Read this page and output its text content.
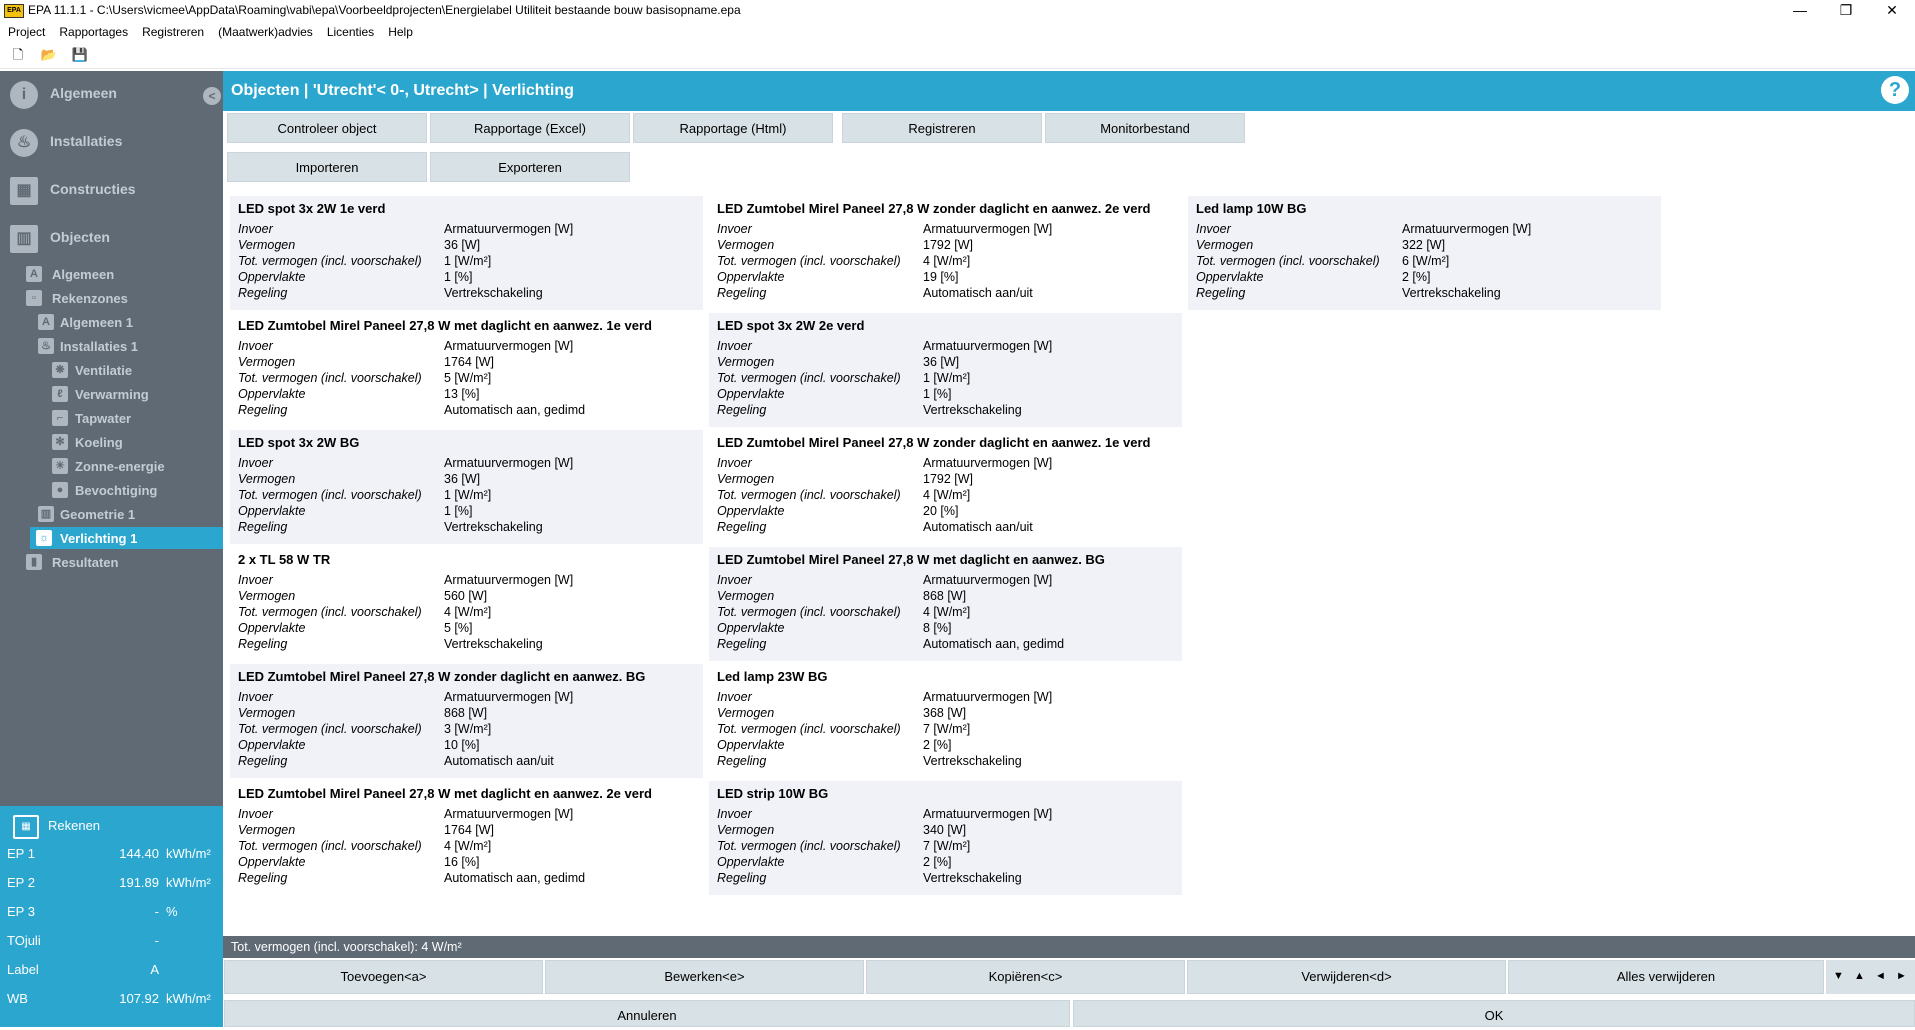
EPA EPA 11.1.1 - C:\Users\vicmee\AppData\Roaming\vabi\epa\Voorbeeldprojecten\Energielabel Utiliteit bestaande bouw basisopname.epa	—	❐	✕
Project Rapportages Registreren (Maatwerk)advies Licenties Help
🗋 📂 💾
i	Algemeen	<
♨	Installaties
▦	Constructies
▥	Objecten
A	Algemeen
▫	Rekenzones
A Algemeen 1
♨ Installaties 1
❋ Ventilatie
ℓ Verwarming
⌐ Tapwater
✻ Koeling
☀ Zonne-energie
● Bevochtiging
▥ Geometrie 1
☼ Verlichting 1
▮	Resultaten
▦	Rekenen
EP 1	144.40 kWh/m²
EP 2	191.89 kWh/m²
EP 3	- %
TOjuli	-
Label	A
WB	107.92 kWh/m²
Objecten | 'Utrecht'< 0-, Utrecht> | Verlichting	?
Controleer object	Rapportage (Excel)	Rapportage (Html)	Registreren	Monitorbestand
Importeren	Exporteren
LED spot 3x 2W 1e verd
Invoer	Armatuurvermogen [W]
Vermogen	36 [W]
Tot. vermogen (incl. voorschakel) 1 [W/m²]
Oppervlakte	1 [%]
Regeling	Vertrekschakeling
LED Zumtobel Mirel Paneel 27,8 W zonder daglicht en aanwez. 2e verd
Invoer	Armatuurvermogen [W]
Vermogen	1792 [W]
Tot. vermogen (incl. voorschakel) 4 [W/m²]
Oppervlakte	19 [%]
Regeling	Automatisch aan/uit
Led lamp 10W BG
Invoer	Armatuurvermogen [W]
Vermogen	322 [W]
Tot. vermogen (incl. voorschakel) 6 [W/m²]
Oppervlakte	2 [%]
Regeling	Vertrekschakeling
LED Zumtobel Mirel Paneel 27,8 W met daglicht en aanwez. 1e verd
Invoer	Armatuurvermogen [W]
Vermogen	1764 [W]
Tot. vermogen (incl. voorschakel) 5 [W/m²]
Oppervlakte	13 [%]
Regeling	Automatisch aan, gedimd
LED spot 3x 2W 2e verd
Invoer	Armatuurvermogen [W]
Vermogen	36 [W]
Tot. vermogen (incl. voorschakel) 1 [W/m²]
Oppervlakte	1 [%]
Regeling	Vertrekschakeling
LED spot 3x 2W BG
Invoer	Armatuurvermogen [W]
Vermogen	36 [W]
Tot. vermogen (incl. voorschakel) 1 [W/m²]
Oppervlakte	1 [%]
Regeling	Vertrekschakeling
LED Zumtobel Mirel Paneel 27,8 W zonder daglicht en aanwez. 1e verd
Invoer	Armatuurvermogen [W]
Vermogen	1792 [W]
Tot. vermogen (incl. voorschakel) 4 [W/m²]
Oppervlakte	20 [%]
Regeling	Automatisch aan/uit
2 x TL 58 W TR
Invoer	Armatuurvermogen [W]
Vermogen	560 [W]
Tot. vermogen (incl. voorschakel) 4 [W/m²]
Oppervlakte	5 [%]
Regeling	Vertrekschakeling
LED Zumtobel Mirel Paneel 27,8 W met daglicht en aanwez. BG
Invoer	Armatuurvermogen [W]
Vermogen	868 [W]
Tot. vermogen (incl. voorschakel) 4 [W/m²]
Oppervlakte	8 [%]
Regeling	Automatisch aan, gedimd
LED Zumtobel Mirel Paneel 27,8 W zonder daglicht en aanwez. BG
Invoer	Armatuurvermogen [W]
Vermogen	868 [W]
Tot. vermogen (incl. voorschakel) 3 [W/m²]
Oppervlakte	10 [%]
Regeling	Automatisch aan/uit
Led lamp 23W BG
Invoer	Armatuurvermogen [W]
Vermogen	368 [W]
Tot. vermogen (incl. voorschakel) 7 [W/m²]
Oppervlakte	2 [%]
Regeling	Vertrekschakeling
LED Zumtobel Mirel Paneel 27,8 W met daglicht en aanwez. 2e verd
Invoer	Armatuurvermogen [W]
Vermogen	1764 [W]
Tot. vermogen (incl. voorschakel) 4 [W/m²]
Oppervlakte	16 [%]
Regeling	Automatisch aan, gedimd
LED strip 10W BG
Invoer	Armatuurvermogen [W]
Vermogen	340 [W]
Tot. vermogen (incl. voorschakel) 7 [W/m²]
Oppervlakte	2 [%]
Regeling	Vertrekschakeling
Tot. vermogen (incl. voorschakel): 4 W/m²
Toevoegen<a>	Bewerken<e>	Kopiëren<c>	Verwijderen<d>	Alles verwijderen	▼ ▲ ◄ ►
Annuleren	OK
